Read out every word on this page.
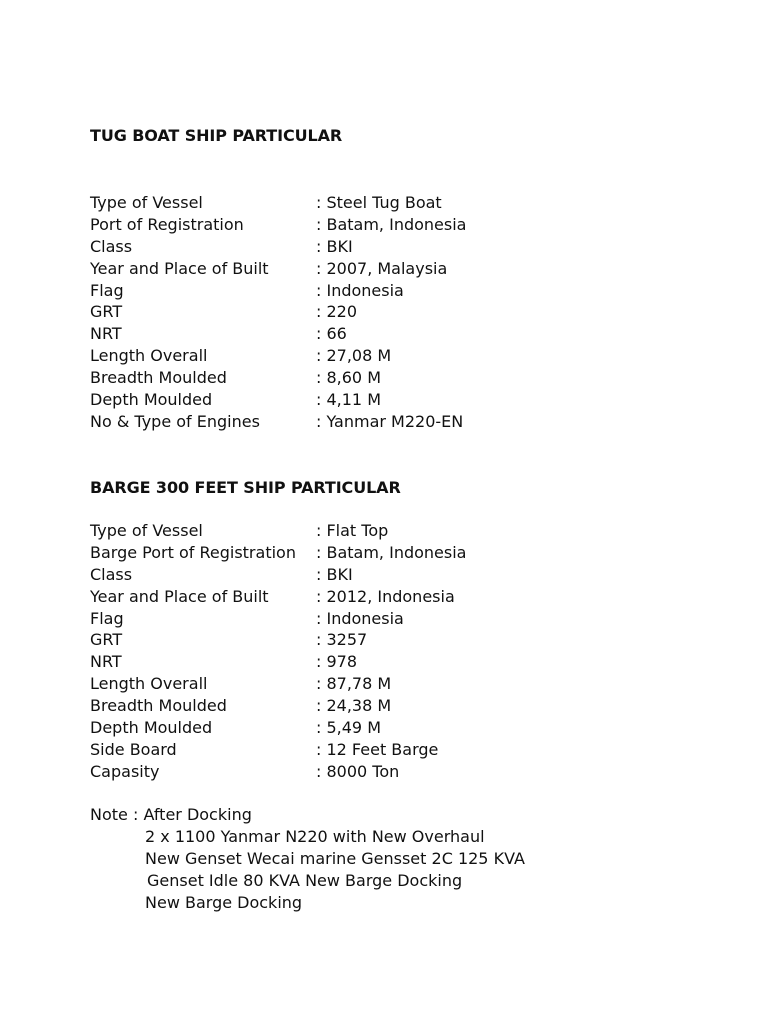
TUG BOAT SHIP PARTICULAR
Type of Vessel	: Steel Tug Boat
Port of Registration	: Batam, Indonesia
Class	: BKI
Year and Place of Built	: 2007, Malaysia
Flag	: Indonesia
GRT	: 220
NRT	: 66
Length Overall	: 27,08 M
Breadth Moulded	: 8,60 M
Depth Moulded	: 4,11 M
No & Type of Engines	: Yanmar M220-EN
BARGE 300 FEET SHIP PARTICULAR
Type of Vessel	: Flat Top
Barge Port of Registration	: Batam, Indonesia
Class	: BKI
Year and Place of Built	: 2012, Indonesia
Flag	: Indonesia
GRT	: 3257
NRT	: 978
Length Overall	: 87,78 M
Breadth Moulded	: 24,38 M
Depth Moulded	: 5,49 M
Side Board	: 12 Feet Barge
Capasity	: 8000 Ton
Note : After Docking
2 x 1100 Yanmar N220 with New Overhaul
New Genset Wecai marine Gensset 2C 125 KVA
Genset Idle 80 KVA New Barge Docking
New Barge Docking
